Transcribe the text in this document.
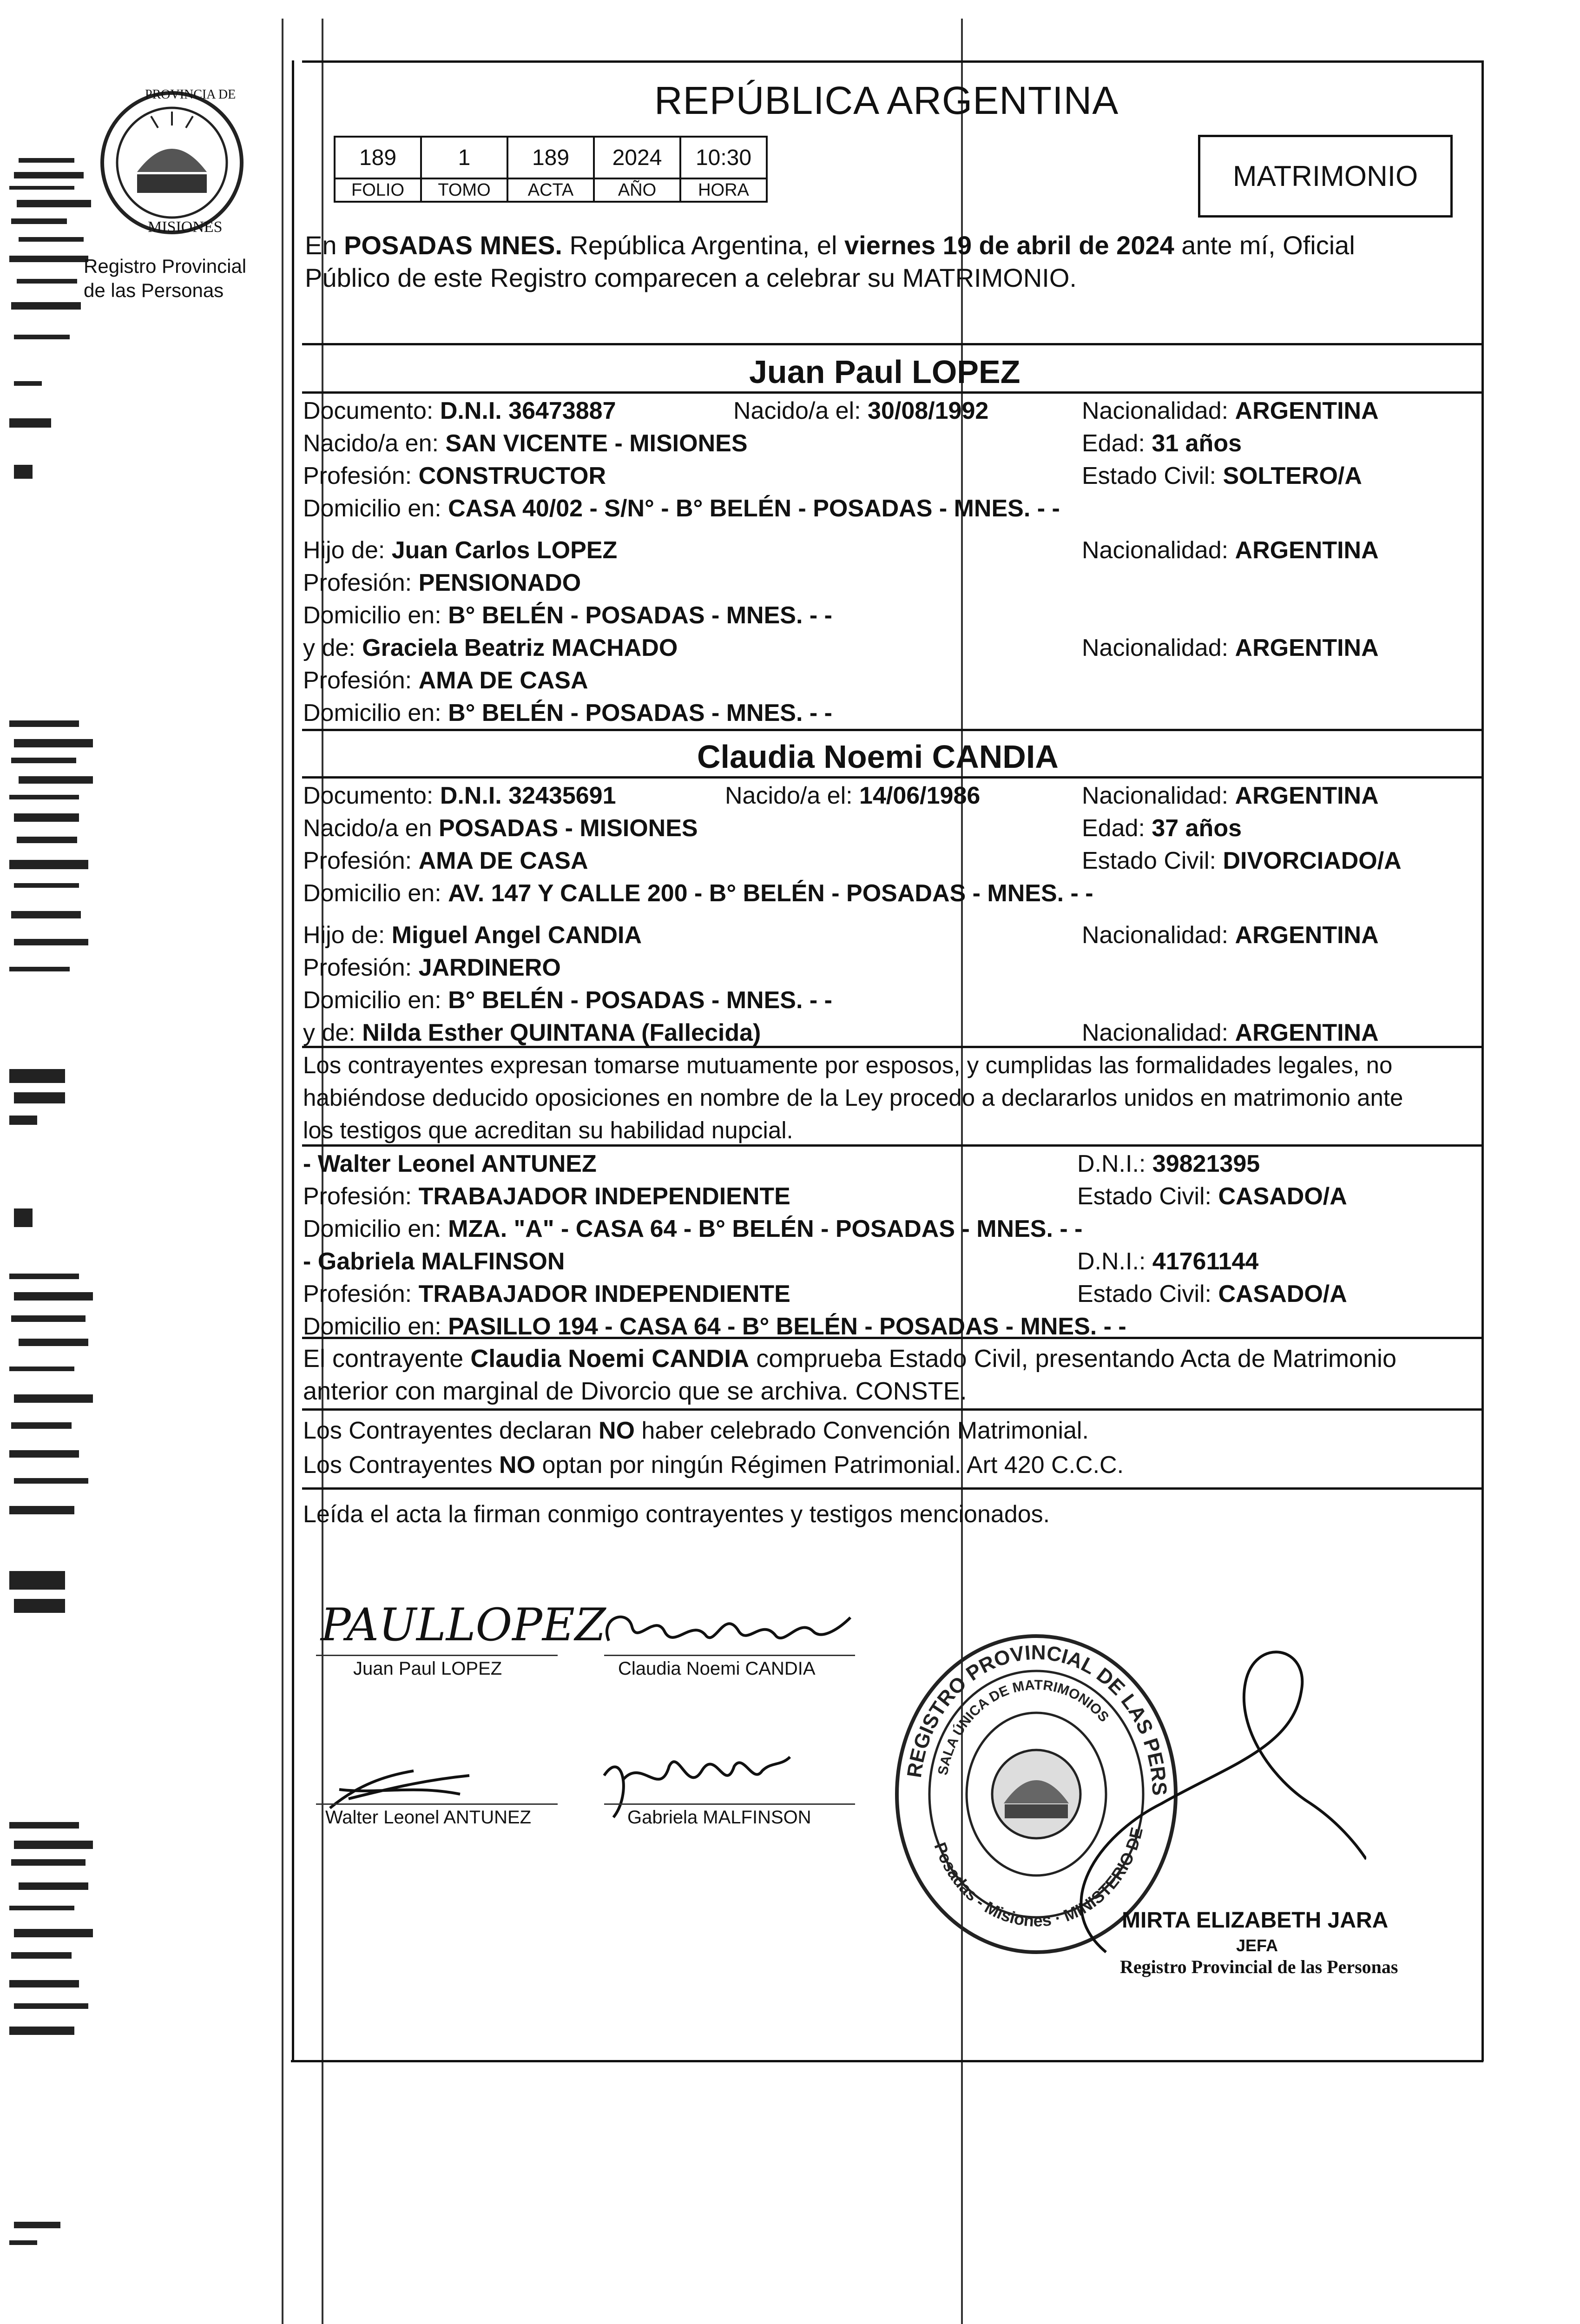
PROVINCIA DE
MISIONES
Registro Provincial
de las Personas
REPÚBLICA ARGENTINA
189	1	189	2024	10:30
FOLIO	TOMO	ACTA	AÑO	HORA	MATRIMONIO
En POSADAS MNES. República Argentina, el viernes 19 de abril de 2024 ante mí, Oficial
Público de este Registro comparecen a celebrar su MATRIMONIO.
Juan Paul LOPEZ
Documento: D.N.I. 36473887	Nacido/a el: 30/08/1992	Nacionalidad: ARGENTINA
Nacido/a en: SAN VICENTE - MISIONES	Edad: 31 años
Profesión: CONSTRUCTOR	Estado Civil: SOLTERO/A
Domicilio en: CASA 40/02 - S/N° - B° BELÉN - POSADAS - MNES. - -
Hijo de: Juan Carlos LOPEZ	Nacionalidad: ARGENTINA
Profesión: PENSIONADO
Domicilio en: B° BELÉN - POSADAS - MNES. - -
y de: Graciela Beatriz MACHADO	Nacionalidad: ARGENTINA
Profesión: AMA DE CASA
Domicilio en: B° BELÉN - POSADAS - MNES. - -
Claudia Noemi CANDIA
Documento: D.N.I. 32435691	Nacido/a el: 14/06/1986	Nacionalidad: ARGENTINA
Nacido/a en POSADAS - MISIONES	Edad: 37 años
Profesión: AMA DE CASA	Estado Civil: DIVORCIADO/A
Domicilio en: AV. 147 Y CALLE 200 - B° BELÉN - POSADAS - MNES. - -
Hijo de: Miguel Angel CANDIA	Nacionalidad: ARGENTINA
Profesión: JARDINERO
Domicilio en: B° BELÉN - POSADAS - MNES. - -
y de: Nilda Esther QUINTANA (Fallecida)	Nacionalidad: ARGENTINA
Los contrayentes expresan tomarse mutuamente por esposos, y cumplidas las formalidades legales, no
habiéndose deducido oposiciones en nombre de la Ley procedo a declararlos unidos en matrimonio ante
los testigos que acreditan su habilidad nupcial.
- Walter Leonel ANTUNEZ	D.N.I.: 39821395
Profesión: TRABAJADOR INDEPENDIENTE	Estado Civil: CASADO/A
Domicilio en: MZA. "A" - CASA 64 - B° BELÉN - POSADAS - MNES. - -
- Gabriela MALFINSON	D.N.I.: 41761144
Profesión: TRABAJADOR INDEPENDIENTE	Estado Civil: CASADO/A
Domicilio en: PASILLO 194 - CASA 64 - B° BELÉN - POSADAS - MNES. - -
El contrayente Claudia Noemi CANDIA comprueba Estado Civil, presentando Acta de Matrimonio
anterior con marginal de Divorcio que se archiva. CONSTE.
Los Contrayentes declaran NO haber celebrado Convención Matrimonial.
Los Contrayentes NO optan por ningún Régimen Patrimonial. Art 420 C.C.C.
Leída el acta la firman conmigo contrayentes y testigos mencionados.
PAULLOPEZ
Juan Paul LOPEZ	Claudia Noemi CANDIA
Walter Leonel ANTUNEZ	Gabriela MALFINSON
REGISTRO PROVINCIAL DE LAS PERS
SALA ÚNICA DE MATRIMONIOS
Posadas - Misiones · MINISTERIO DE
MIRTA ELIZABETH JARA
JEFA
Registro Provincial de las Personas
